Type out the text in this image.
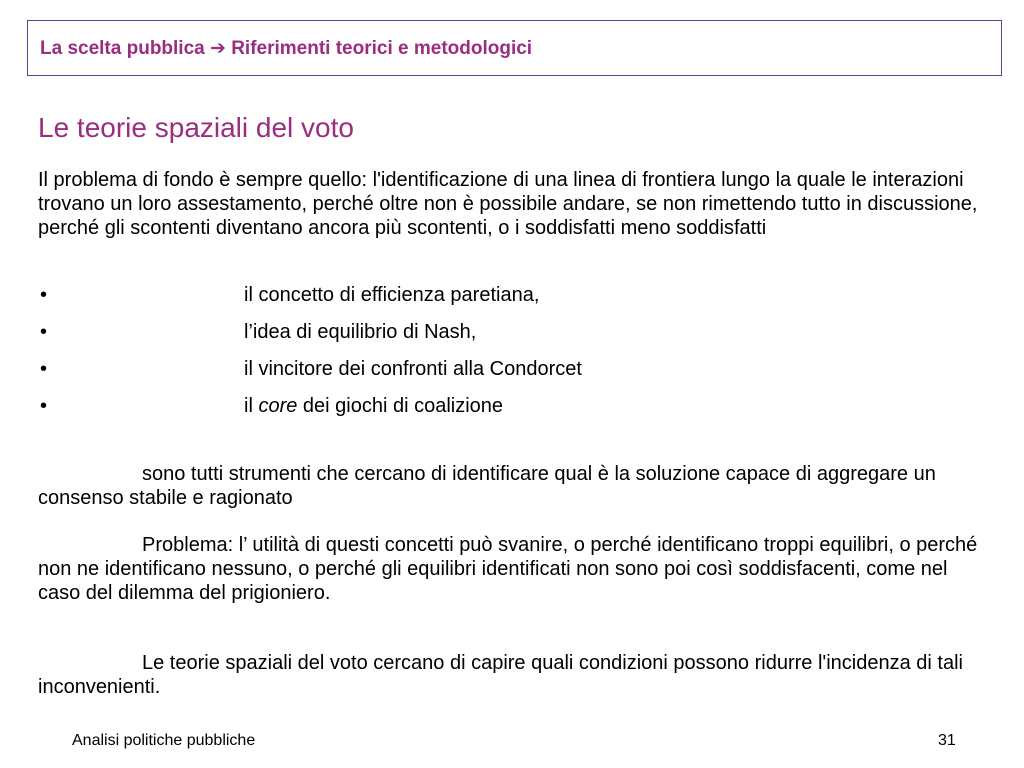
La scelta pubblica ➔ Riferimenti teorici e metodologici
Le teorie spaziali del voto
Il problema di fondo è sempre quello: l'identificazione di una linea di frontiera lungo la quale le interazioni trovano un loro assestamento, perché oltre non è possibile andare, se non rimettendo tutto in discussione, perché gli scontenti diventano ancora più scontenti, o i soddisfatti meno soddisfatti
•	il concetto di efficienza paretiana,
•	l’idea di equilibrio di Nash,
•	il vincitore dei confronti alla Condorcet
•	il core dei giochi di coalizione
sono tutti strumenti che cercano di identificare qual è la soluzione capace di aggregare un consenso stabile e ragionato
Problema: l’ utilità di questi concetti può svanire, o perché identificano troppi equilibri, o perché non ne identificano nessuno, o perché gli equilibri identificati non sono poi così soddisfacenti, come nel caso del dilemma del prigioniero.
Le teorie spaziali del voto cercano di capire quali condizioni possono ridurre l'incidenza di tali inconvenienti.
Analisi politiche pubbliche	31
